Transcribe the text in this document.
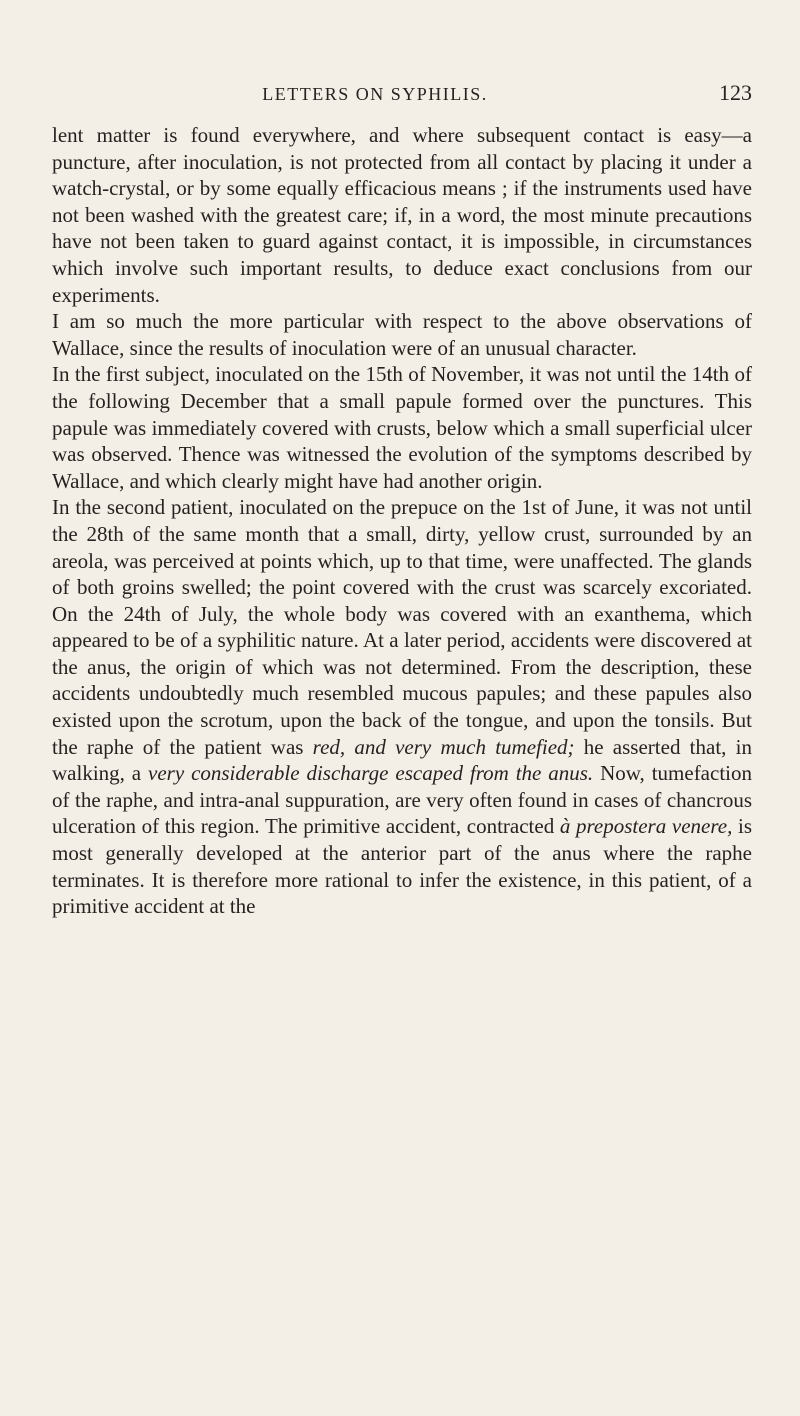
LETTERS ON SYPHILIS.	123

lent matter is found everywhere, and where subsequent contact is easy—a puncture, after inoculation, is not protected from all contact by placing it under a watch-crystal, or by some equally efficacious means ; if the instruments used have not been washed with the greatest care; if, in a word, the most minute precautions have not been taken to guard against contact, it is impossible, in circumstances which involve such important results, to deduce exact conclusions from our experiments.

I am so much the more particular with respect to the above observations of Wallace, since the results of inoculation were of an unusual character.

In the first subject, inoculated on the 15th of November, it was not until the 14th of the following December that a small papule formed over the punctures. This papule was immediately covered with crusts, below which a small superficial ulcer was observed. Thence was witnessed the evolution of the symptoms described by Wallace, and which clearly might have had another origin.

In the second patient, inoculated on the prepuce on the 1st of June, it was not until the 28th of the same month that a small, dirty, yellow crust, surrounded by an areola, was perceived at points which, up to that time, were unaffected. The glands of both groins swelled; the point covered with the crust was scarcely excoriated. On the 24th of July, the whole body was covered with an exanthema, which appeared to be of a syphilitic nature. At a later period, accidents were discovered at the anus, the origin of which was not determined. From the description, these accidents undoubtedly much resembled mucous papules; and these papules also existed upon the scrotum, upon the back of the tongue, and upon the tonsils. But the raphe of the patient was red, and very much tumefied; he asserted that, in walking, a very considerable discharge escaped from the anus. Now, tumefaction of the raphe, and intra-anal suppuration, are very often found in cases of chancrous ulceration of this region. The primitive accident, contracted à prepostera venere, is most generally developed at the anterior part of the anus where the raphe terminates. It is therefore more rational to infer the existence, in this patient, of a primitive accident at the
